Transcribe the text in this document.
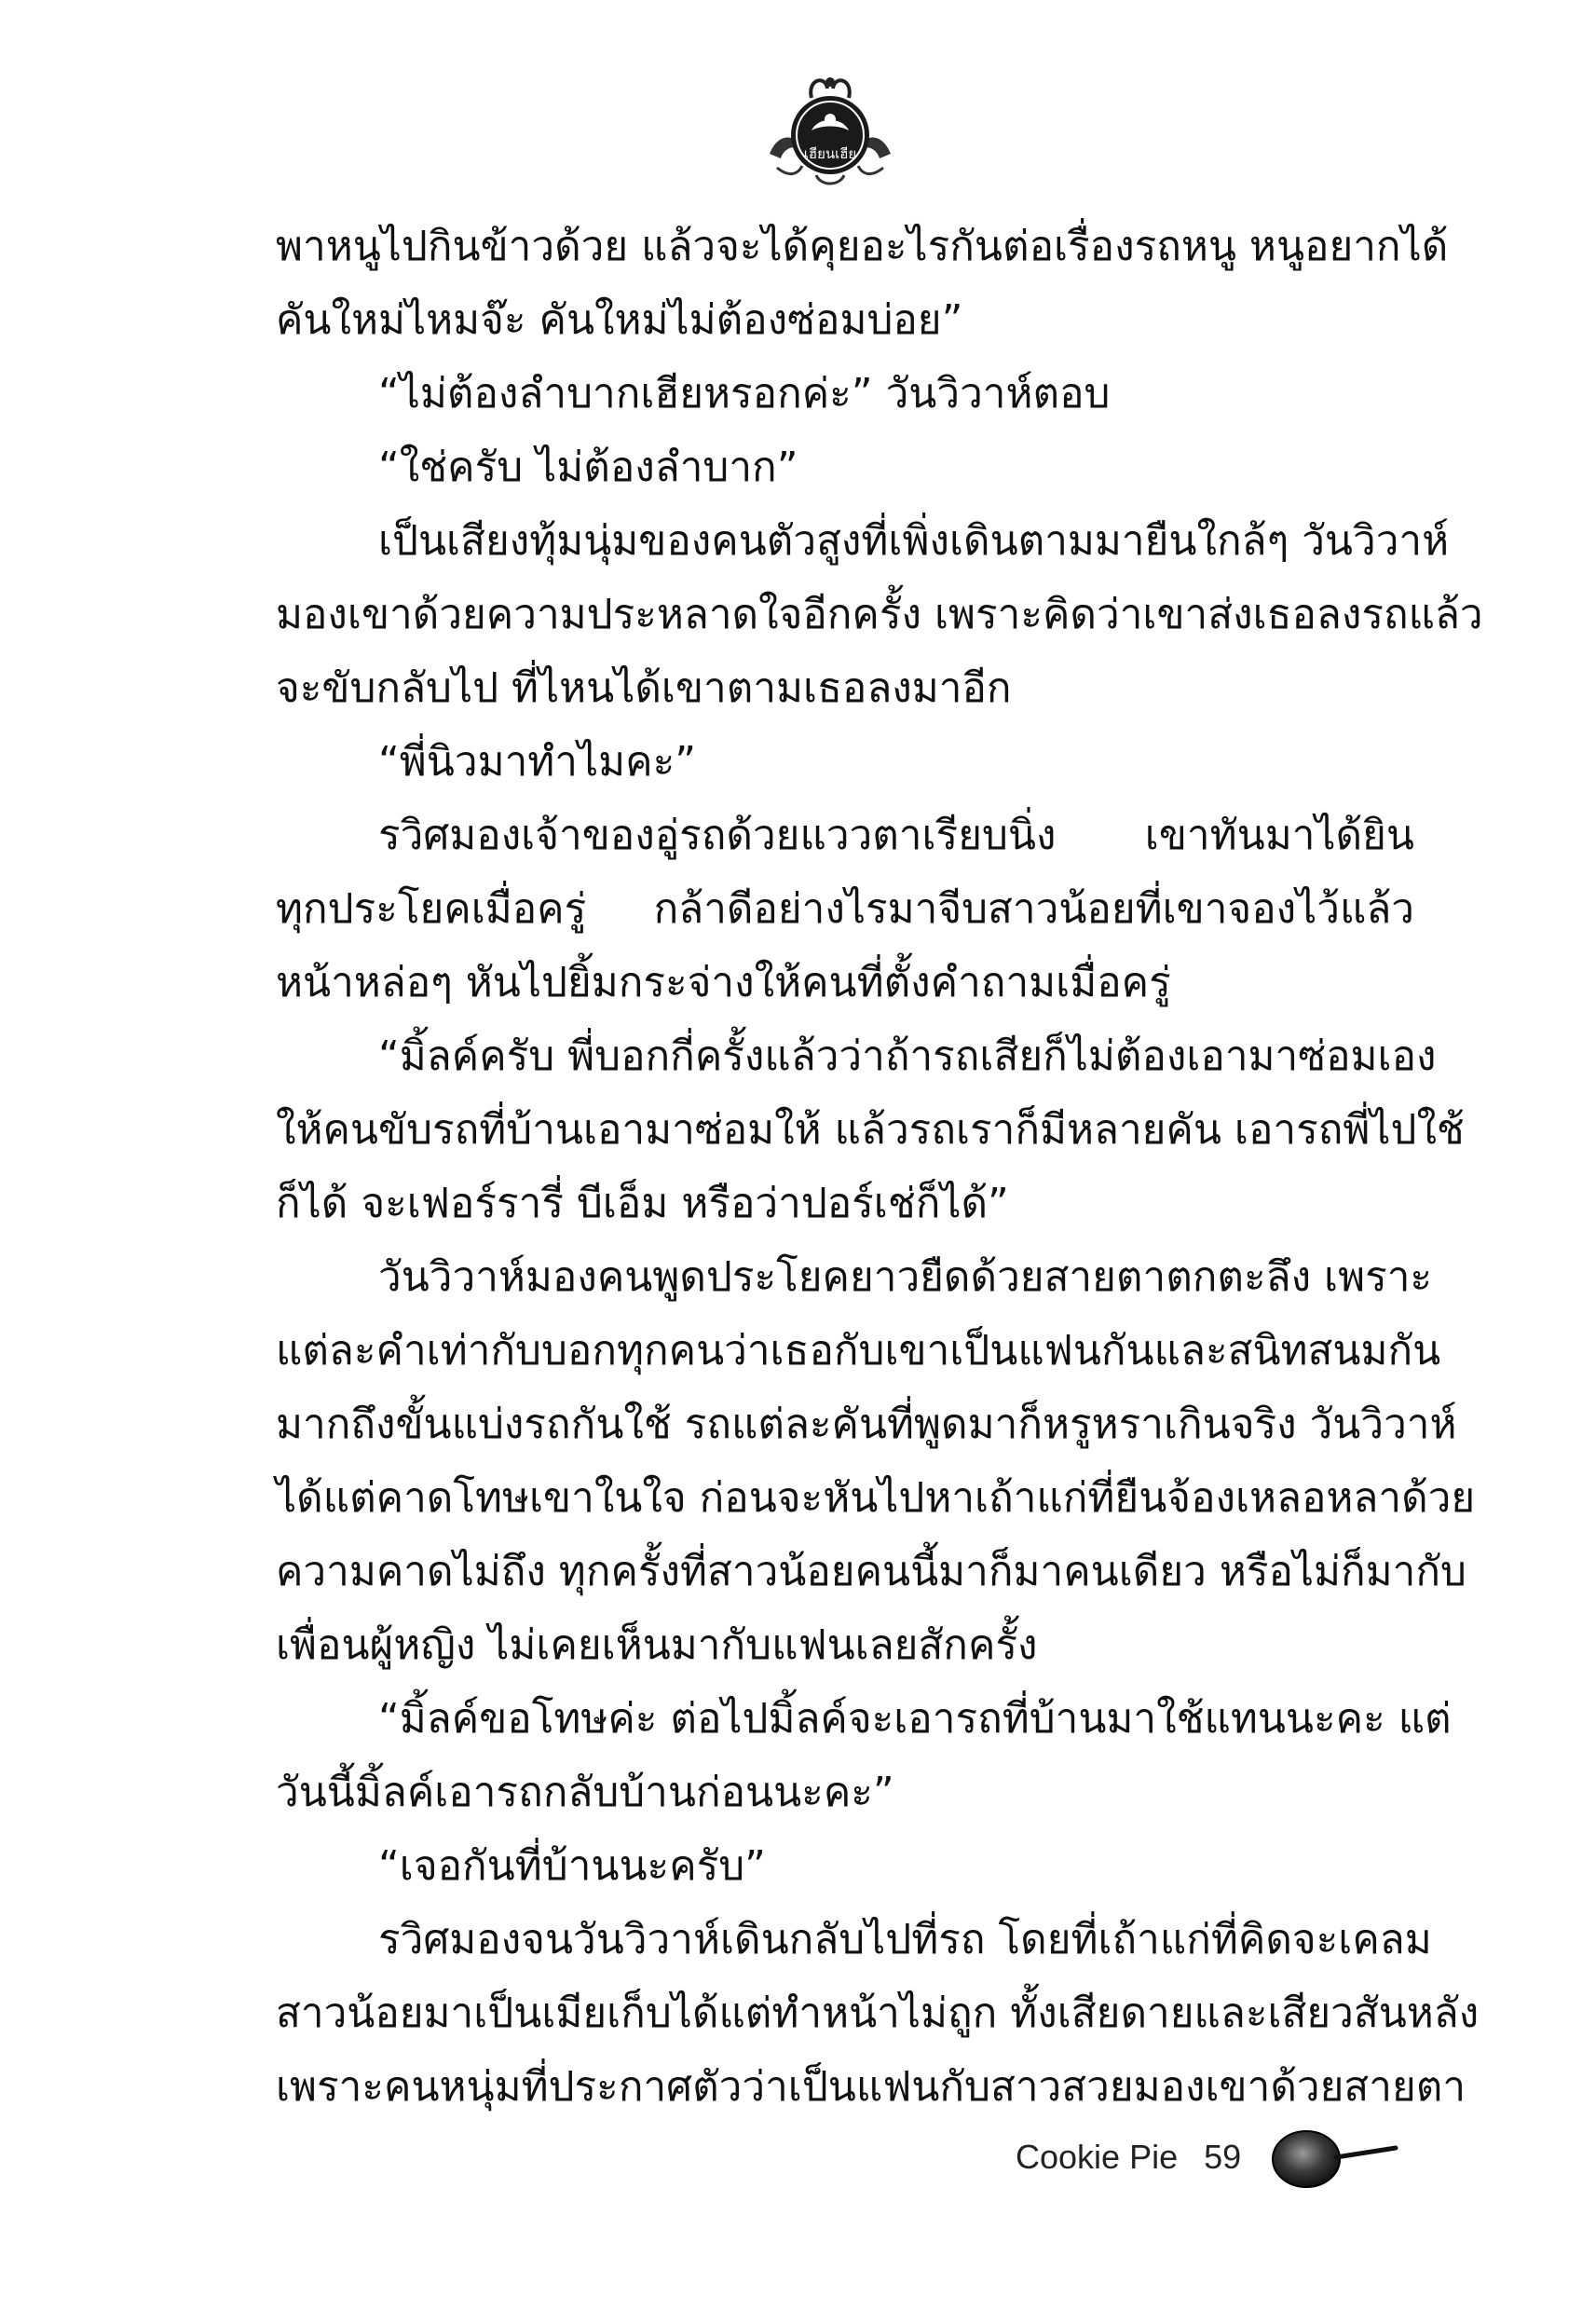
เฮียนเฮีย
พาหนูไปกินข้าวด้วย แล้วจะได้คุยอะไรกันต่อเรื่องรถหนู หนูอยากได้
คันใหม่ไหมจ๊ะ คันใหม่ไม่ต้องซ่อมบ่อย”
“ไม่ต้องลำบากเฮียหรอกค่ะ” วันวิวาห์ตอบ
“ใช่ครับ ไม่ต้องลำบาก”
เป็นเสียงทุ้มนุ่มของคนตัวสูงที่เพิ่งเดินตามมายืนใกล้ๆ วันวิวาห์
มองเขาด้วยความประหลาดใจอีกครั้ง เพราะคิดว่าเขาส่งเธอลงรถแล้ว
จะขับกลับไป ที่ไหนได้เขาตามเธอลงมาอีก
“พี่นิวมาทำไมคะ”
รวิศมองเจ้าของอู่รถด้วยแววตาเรียบนิ่ง เขาทันมาได้ยิน
ทุกประโยคเมื่อครู่ กล้าดีอย่างไรมาจีบสาวน้อยที่เขาจองไว้แล้ว
หน้าหล่อๆ หันไปยิ้มกระจ่างให้คนที่ตั้งคำถามเมื่อครู่
“มิ้ลค์ครับ พี่บอกกี่ครั้งแล้วว่าถ้ารถเสียก็ไม่ต้องเอามาซ่อมเอง
ให้คนขับรถที่บ้านเอามาซ่อมให้ แล้วรถเราก็มีหลายคัน เอารถพี่ไปใช้
ก็ได้ จะเฟอร์รารี่ บีเอ็ม หรือว่าปอร์เช่ก็ได้”
วันวิวาห์มองคนพูดประโยคยาวยืดด้วยสายตาตกตะลึง เพราะ
แต่ละคำเท่ากับบอกทุกคนว่าเธอกับเขาเป็นแฟนกันและสนิทสนมกัน
มากถึงขั้นแบ่งรถกันใช้ รถแต่ละคันที่พูดมาก็หรูหราเกินจริง วันวิวาห์
ได้แต่คาดโทษเขาในใจ ก่อนจะหันไปหาเถ้าแก่ที่ยืนจ้องเหลอหลาด้วย
ความคาดไม่ถึง ทุกครั้งที่สาวน้อยคนนี้มาก็มาคนเดียว หรือไม่ก็มากับ
เพื่อนผู้หญิง ไม่เคยเห็นมากับแฟนเลยสักครั้ง
“มิ้ลค์ขอโทษค่ะ ต่อไปมิ้ลค์จะเอารถที่บ้านมาใช้แทนนะคะ แต่
วันนี้มิ้ลค์เอารถกลับบ้านก่อนนะคะ”
“เจอกันที่บ้านนะครับ”
รวิศมองจนวันวิวาห์เดินกลับไปที่รถ โดยที่เถ้าแก่ที่คิดจะเคลม
สาวน้อยมาเป็นเมียเก็บได้แต่ทำหน้าไม่ถูก ทั้งเสียดายและเสียวสันหลัง
เพราะคนหนุ่มที่ประกาศตัวว่าเป็นแฟนกับสาวสวยมองเขาด้วยสายตา
Cookie Pie 59
